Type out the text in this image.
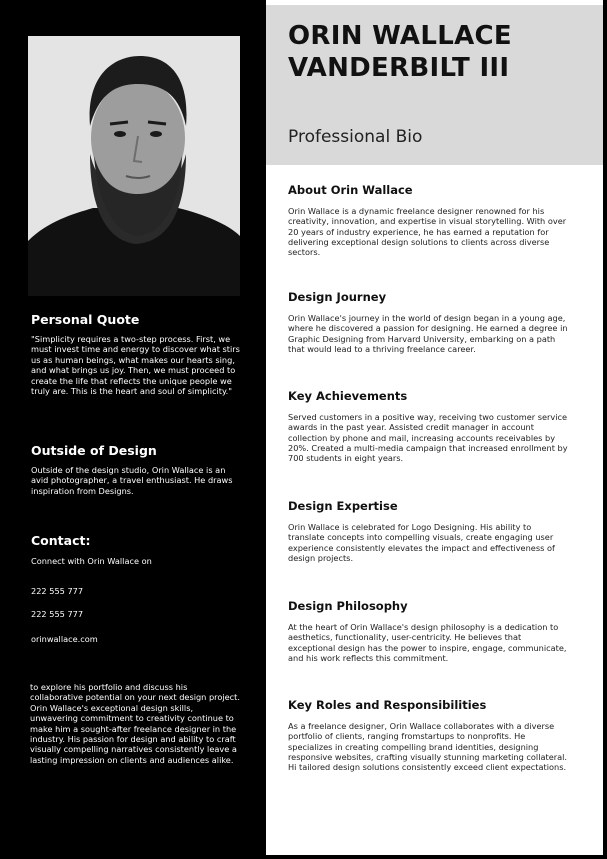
Personal Quote
"Simplicity requires a two-step process. First, we must invest time and energy to discover what stirs us as human beings, what makes our hearts sing, and what brings us joy. Then, we must proceed to create the life that reflects the unique people we truly are. This is the heart and soul of simplicity."
Outside of Design
Outside of the design studio, Orin Wallace is an avid photographer, a travel enthusiast. He draws inspiration from Designs.
Contact:
Connect with Orin Wallace on
222 555 777
222 555 777
orinwallace.com
to explore his portfolio and discuss his collaborative potential on your next design project.
Orin Wallace's exceptional design skills, unwavering commitment to creativity continue to make him a sought-after freelance designer in the industry. His passion for design and ability to craft visually compelling narratives consistently leave a lasting impression on clients and audiences alike.
ORIN WALLACE
VANDERBILT III
Professional Bio
About Orin Wallace
Orin Wallace is a dynamic freelance designer renowned for his creativity, innovation, and expertise in visual storytelling. With over 20 years of industry experience, he has earned a reputation for delivering exceptional design solutions to clients across diverse sectors.
Design Journey
Orin Wallace's journey in the world of design began in a young age, where he discovered a passion for designing. He earned a degree in Graphic Designing from Harvard University, embarking on a path that would lead to a thriving freelance career.
Key Achievements
Served customers in a positive way, receiving two customer service awards in the past year. Assisted credit manager in account collection by phone and mail, increasing accounts receivables by 20%. Created a multi-media campaign that increased enrollment by 700 students in eight years.
Design Expertise
Orin Wallace is celebrated for Logo Designing. His ability to translate concepts into compelling visuals, create engaging user experience consistently elevates the impact and effectiveness of design projects.
Design Philosophy
At the heart of Orin Wallace's design philosophy is a dedication to aesthetics, functionality, user-centricity. He believes that exceptional design has the power to inspire, engage, communicate, and his work reflects this commitment.
Key Roles and Responsibilities
As a freelance designer, Orin Wallace collaborates with a diverse portfolio of clients, ranging fromstartups to nonprofits. He specializes in creating compelling brand identities, designing responsive websites, crafting visually stunning marketing collateral. Hi tailored design solutions consistently exceed client expectations.
